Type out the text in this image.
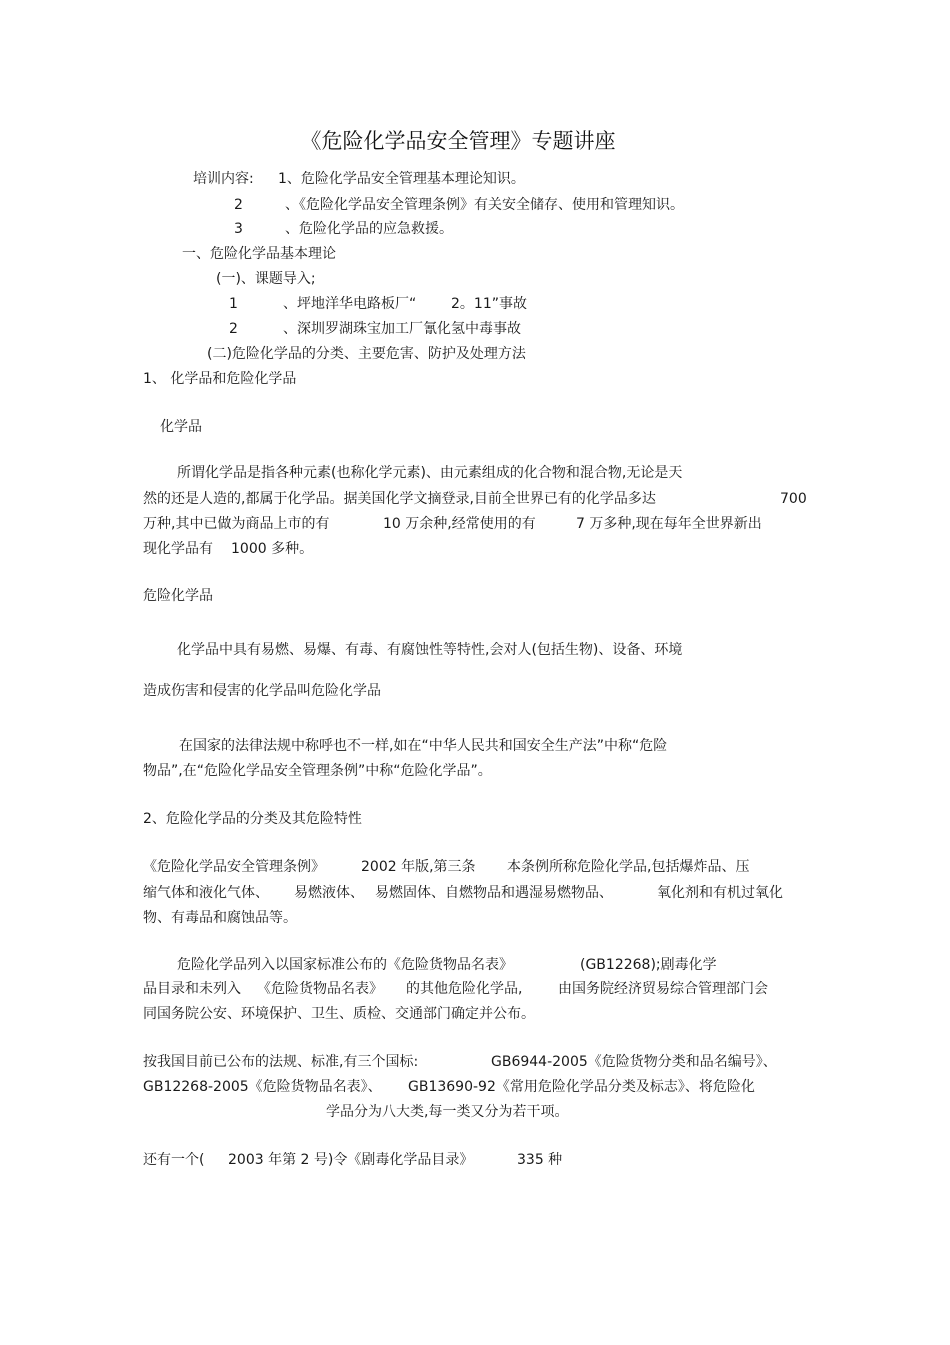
《危险化学品安全管理》专题讲座
培训内容: 1、危险化学品安全管理基本理论知识。
2	、《危险化学品安全管理条例》有关安全储存、使用和管理知识。
3	、危险化学品的应急救援。
一、危险化学品基本理论
(一)、课题导入;
1	、坪地洋华电路板厂“ 2。11”事故
2	、深圳罗湖珠宝加工厂氰化氢中毒事故
(二)危险化学品的分类、主要危害、防护及处理方法
1、 化学品和危险化学品
化学品
所谓化学品是指各种元素(也称化学元素)、由元素组成的化合物和混合物,无论是天
然的还是人造的,都属于化学品。据美国化学文摘登录,目前全世界已有的化学品多达	700
万种,其中已做为商品上市的有	10 万余种,经常使用的有	7 万多种,现在每年全世界新出
现化学品有 1000 多种。
危险化学品
化学品中具有易燃、易爆、有毒、有腐蚀性等特性,会对人(包括生物)、设备、环境
造成伤害和侵害的化学品叫危险化学品
在国家的法律法规中称呼也不一样,如在“中华人民共和国安全生产法”中称“危险
物品”,在“危险化学品安全管理条例”中称“危险化学品”。
2、危险化学品的分类及其危险特性
《危险化学品安全管理条例》	2002 年版,第三条 本条例所称危险化学品,包括爆炸品、压
缩气体和液化气体、 易燃液体、 易燃固体、自燃物品和遇湿易燃物品、	氧化剂和有机过氧化
物、有毒品和腐蚀品等。
危险化学品列入以国家标准公布的《危险货物品名表》	(GB12268);剧毒化学
品目录和未列入 《危险货物品名表》 的其他危险化学品,	由国务院经济贸易综合管理部门会
同国务院公安、环境保护、卫生、质检、交通部门确定并公布。
按我国目前已公布的法规、标准,有三个国标:	GB6944-2005《危险货物分类和品名编号》、
GB12268-2005《危险货物品名表》、 GB13690-92《常用危险化学品分类及标志》、将危险化
学品分为八大类,每一类又分为若干项。
还有一个( 2003 年第 2 号)令《剧毒化学品目录》	335 种
